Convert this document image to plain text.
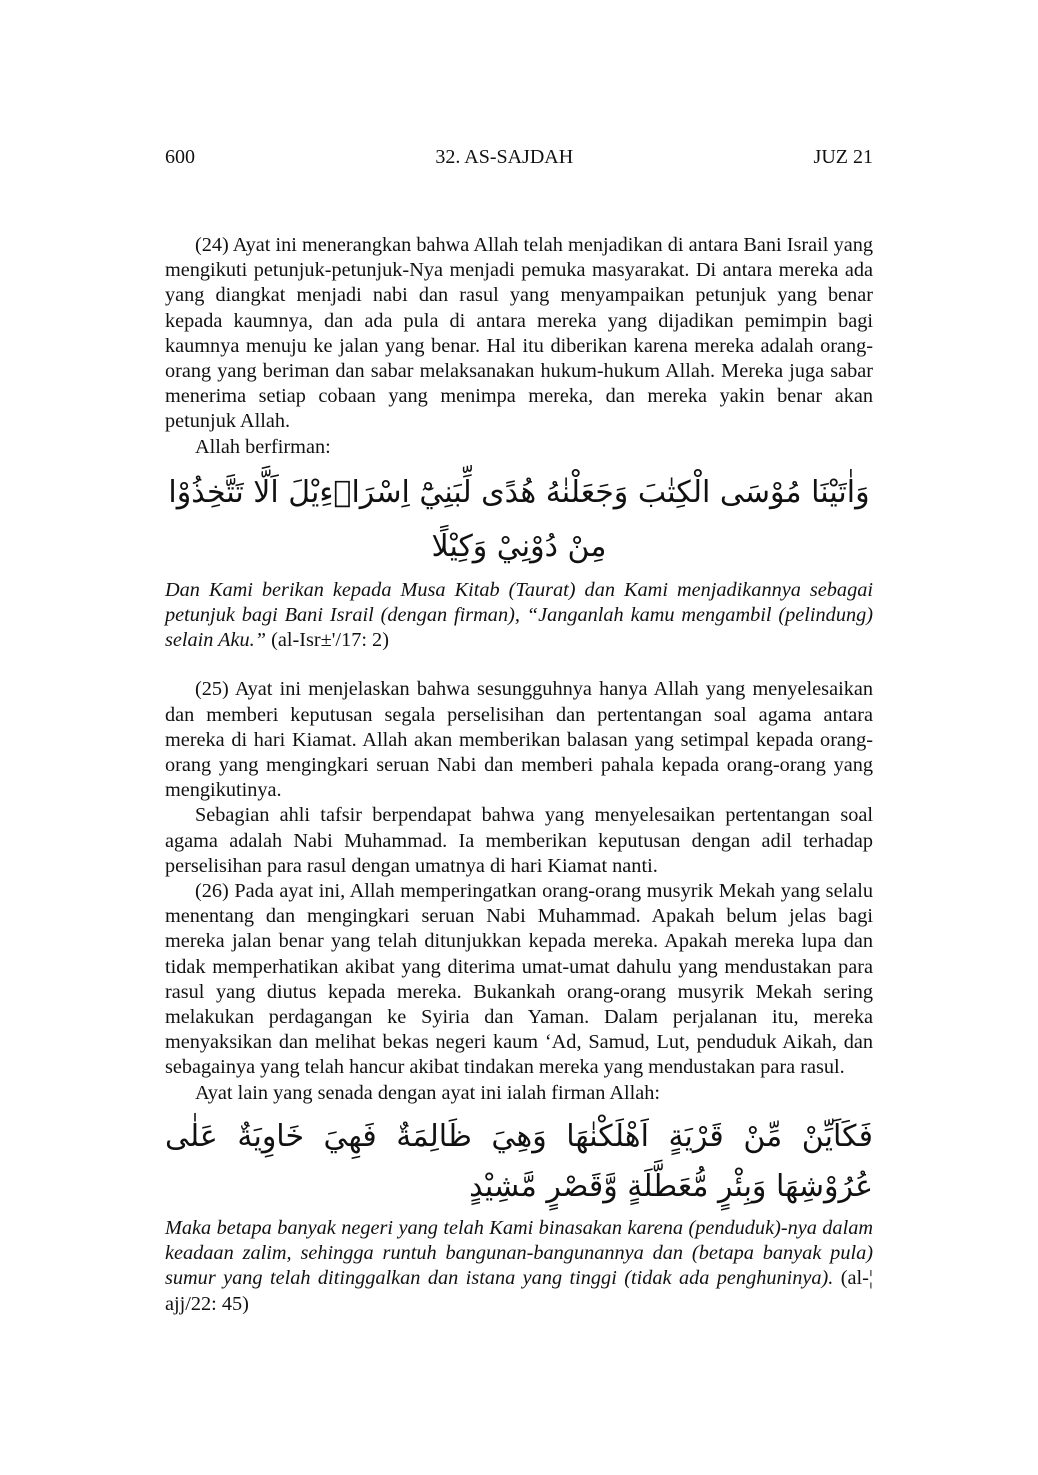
600	32. AS-SAJDAH	JUZ 21

(24) Ayat ini menerangkan bahwa Allah telah menjadikan di antara Bani Israil yang mengikuti petunjuk-petunjuk-Nya menjadi pemuka masyarakat. Di antara mereka ada yang diangkat menjadi nabi dan rasul yang menyampaikan petunjuk yang benar kepada kaumnya, dan ada pula di antara mereka yang dijadikan pemimpin bagi kaumnya menuju ke jalan yang benar. Hal itu diberikan karena mereka adalah orang-orang yang beriman dan sabar melaksanakan hukum-hukum Allah. Mereka juga sabar menerima setiap cobaan yang menimpa mereka, dan mereka yakin benar akan petunjuk Allah.

Allah berfirman:

وَاٰتَيْنَا مُوْسَى الْكِتٰبَ وَجَعَلْنٰهُ هُدًى لِّبَنِيْٓ اِسْرَاۤءِيْلَ اَلَّا تَتَّخِذُوْا مِنْ دُوْنِيْ وَكِيْلًا

Dan Kami berikan kepada Musa Kitab (Taurat) dan Kami menjadikannya sebagai petunjuk bagi Bani Israil (dengan firman), “Janganlah kamu mengambil (pelindung) selain Aku.” (al-Isr±'/17: 2)

(25) Ayat ini menjelaskan bahwa sesungguhnya hanya Allah yang menyelesaikan dan memberi keputusan segala perselisihan dan pertentangan soal agama antara mereka di hari Kiamat. Allah akan memberikan balasan yang setimpal kepada orang-orang yang mengingkari seruan Nabi dan memberi pahala kepada orang-orang yang mengikutinya.

Sebagian ahli tafsir berpendapat bahwa yang menyelesaikan pertentangan soal agama adalah Nabi Muhammad. Ia memberikan keputusan dengan adil terhadap perselisihan para rasul dengan umatnya di hari Kiamat nanti.

(26) Pada ayat ini, Allah memperingatkan orang-orang musyrik Mekah yang selalu menentang dan mengingkari seruan Nabi Muhammad. Apakah belum jelas bagi mereka jalan benar yang telah ditunjukkan kepada mereka. Apakah mereka lupa dan tidak memperhatikan akibat yang diterima umat-umat dahulu yang mendustakan para rasul yang diutus kepada mereka. Bukankah orang-orang musyrik Mekah sering melakukan perdagangan ke Syiria dan Yaman. Dalam perjalanan itu, mereka menyaksikan dan melihat bekas negeri kaum ‘Ad, Samud, Lut, penduduk Aikah, dan sebagainya yang telah hancur akibat tindakan mereka yang mendustakan para rasul.

Ayat lain yang senada dengan ayat ini ialah firman Allah:

فَكَاَيِّنْ مِّنْ قَرْيَةٍ اَهْلَكْنٰهَا وَهِيَ ظَالِمَةٌ فَهِيَ خَاوِيَةٌ عَلٰى عُرُوْشِهَا وَبِئْرٍ مُّعَطَّلَةٍ وَّقَصْرٍ مَّشِيْدٍ

Maka betapa banyak negeri yang telah Kami binasakan karena (penduduk)-nya dalam keadaan zalim, sehingga runtuh bangunan-bangunannya dan (betapa banyak pula) sumur yang telah ditinggalkan dan istana yang tinggi (tidak ada penghuninya). (al-¦ ajj/22: 45)
